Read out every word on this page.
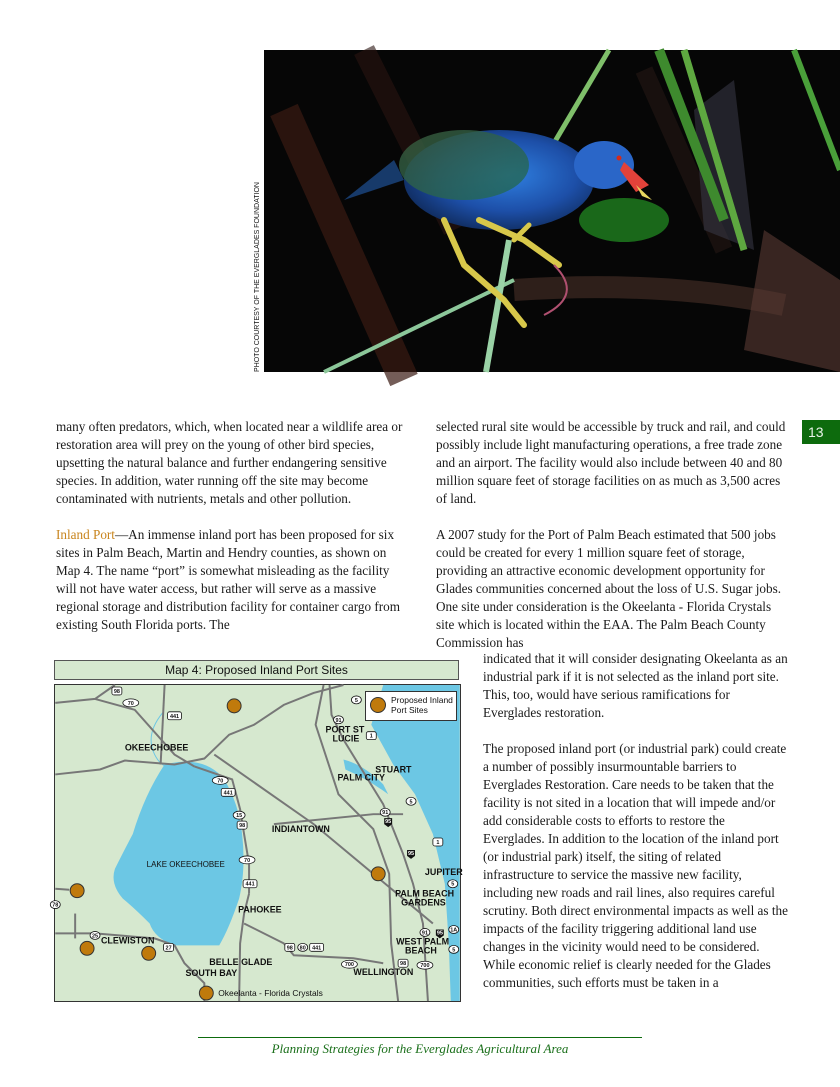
PHOTO COURTESY OF THE EVERGLADES FOUNDATION
13

many often predators, which, when located near a wildlife area or restoration area will prey on the young of other bird species, upsetting the natural balance and further endangering sensitive species. In addition, water running off the site may become contaminated with nutrients, metals and other pollution.

Inland Port—An immense inland port has been proposed for six sites in Palm Beach, Martin and Hendry counties, as shown on Map 4. The name “port” is somewhat misleading as the facility will not have water access, but rather will serve as a massive regional storage and distribution facility for container cargo from existing South Florida ports. The

selected rural site would be accessible by truck and rail, and could possibly include light manufacturing operations, a free trade zone and an airport. The facility would also include between 40 and 80 million square feet of storage facilities on as much as 3,500 acres of land.

A 2007 study for the Port of Palm Beach estimated that 500 jobs could be created for every 1 million square feet of storage, providing an attractive economic development opportunity for Glades communities concerned about the loss of U.S. Sugar jobs. One site under consideration is the Okeelanta - Florida Crystals site which is located within the EAA. The Palm Beach County Commission has

indicated that it will consider designating Okeelanta as an industrial park if it is not selected as the inland port site. This, too, would have serious ramifications for Everglades restoration.

The proposed inland port (or industrial park) could create a number of possibly insurmountable barriers to Everglades Restoration. Care needs to be taken that the facility is not sited in a location that will impede and/or add considerable costs to efforts to restore the Everglades. In addition to the location of the inland port (or industrial park) itself, the siting of related infrastructure to service the massive new facility, including new roads and rail lines, also requires careful scrutiny. Both direct environmental impacts as well as the impacts of the facility triggering additional land use changes in the vicinity would need to be considered. While economic relief is clearly needed for the Glades communities, such efforts must be taken in a

Map 4: Proposed Inland Port Sites
98
70
441
5
91
1
70
441
15
98
70
441
5
91
95
1
95
5
91 95 1A
5
25
27	98 80 441
700	98	700
78
OKEECHOBEE
PORT ST
LUCIE
STUART
PALM CITY
INDIANTOWN
LAKE OKEECHOBEE
JUPITER
PALM BEACH
GARDENS
PAHOKEE
CLEWISTON	WEST PALM
BEACH
BELLE GLADE
SOUTH BAY	WELLINGTON
Okeelanta - Florida Crystals
Proposed Inland Port Sites
Planning Strategies for the Everglades Agricultural Area
